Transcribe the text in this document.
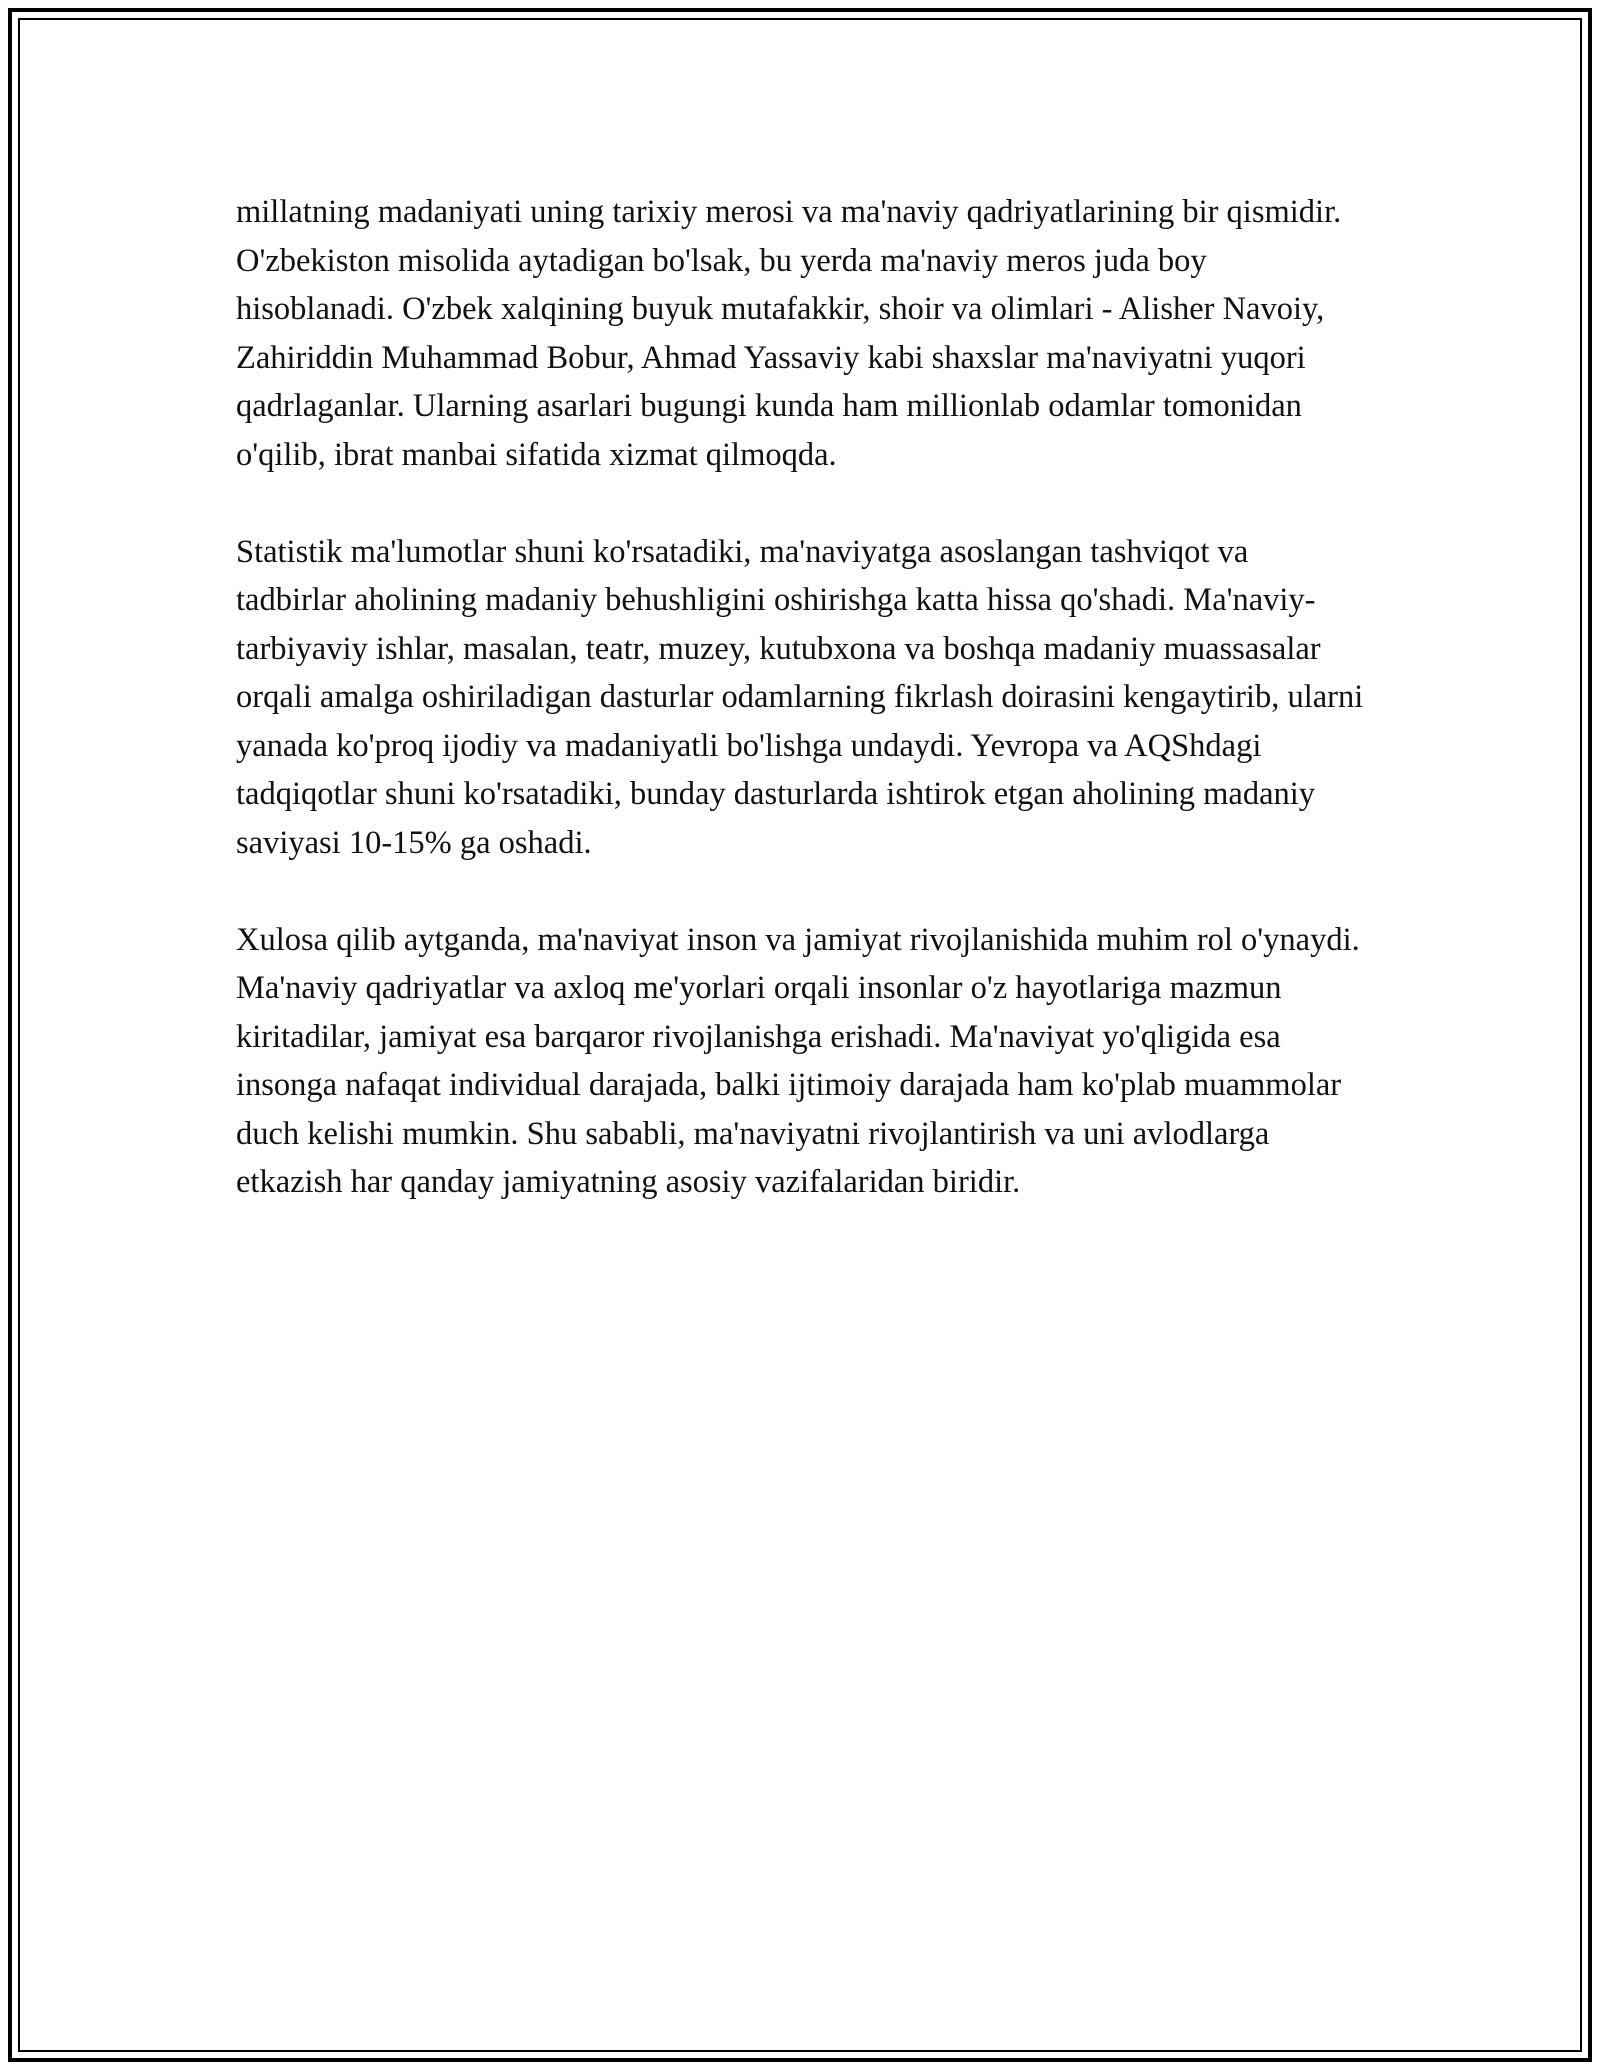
millatning madaniyati uning tarixiy merosi va ma'naviy qadriyatlarining bir qismidir. O'zbekiston misolida aytadigan bo'lsak, bu yerda ma'naviy meros juda boy hisoblanadi. O'zbek xalqining buyuk mutafakkir, shoir va olimlari - Alisher Navoiy, Zahiriddin Muhammad Bobur, Ahmad Yassaviy kabi shaxslar ma'naviyatni yuqori qadrlaganlar. Ularning asarlari bugungi kunda ham millionlab odamlar tomonidan o'qilib, ibrat manbai sifatida xizmat qilmoqda.

Statistik ma'lumotlar shuni ko'rsatadiki, ma'naviyatga asoslangan tashviqot va tadbirlar aholining madaniy behushligini oshirishga katta hissa qo'shadi. Ma'naviy-tarbiyaviy ishlar, masalan, teatr, muzey, kutubxona va boshqa madaniy muassasalar orqali amalga oshiriladigan dasturlar odamlarning fikrlash doirasini kengaytirib, ularni yanada ko'proq ijodiy va madaniyatli bo'lishga undaydi. Yevropa va AQShdagi tadqiqotlar shuni ko'rsatadiki, bunday dasturlarda ishtirok etgan aholining madaniy saviyasi 10-15% ga oshadi.

Xulosa qilib aytganda, ma'naviyat inson va jamiyat rivojlanishida muhim rol o'ynaydi. Ma'naviy qadriyatlar va axloq me'yorlari orqali insonlar o'z hayotlariga mazmun kiritadilar, jamiyat esa barqaror rivojlanishga erishadi. Ma'naviyat yo'qligida esa insonga nafaqat individual darajada, balki ijtimoiy darajada ham ko'plab muammolar duch kelishi mumkin. Shu sababli, ma'naviyatni rivojlantirish va uni avlodlarga etkazish har qanday jamiyatning asosiy vazifalaridan biridir.
